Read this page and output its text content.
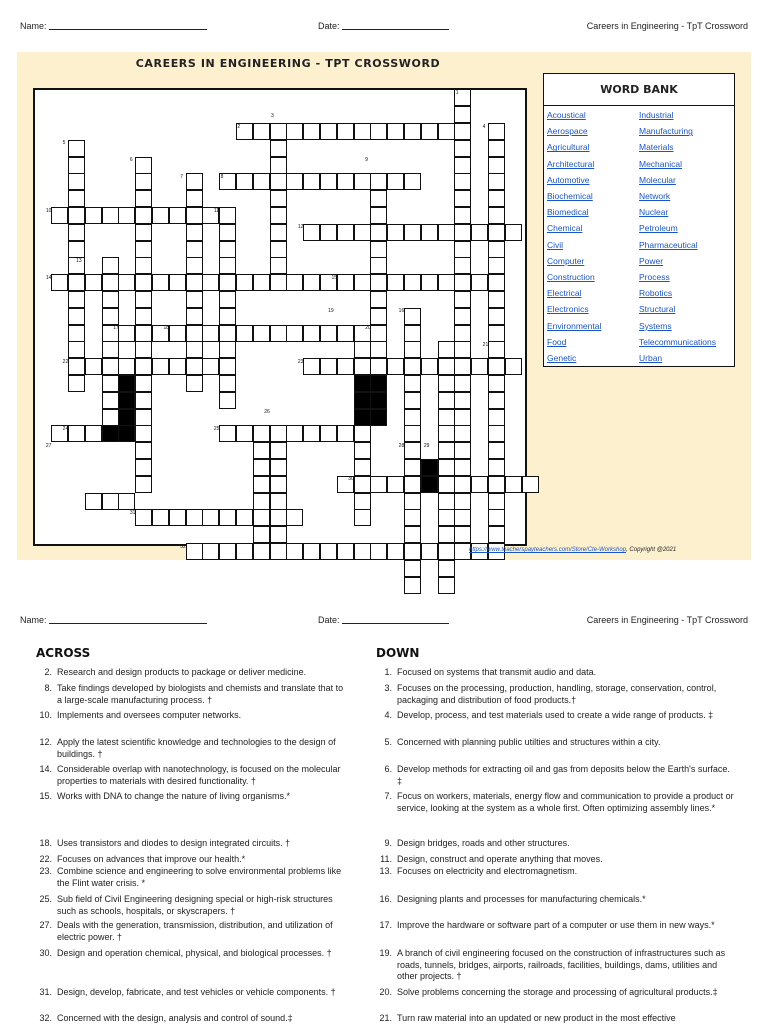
Name:	Date:	Careers in Engineering - TpT Crossword
CAREERS IN ENGINEERING - TPT CROSSWORD
1
2
3
4
5
6
7	8
9
10	11
12
13
14	15
16
17	18
19
20
21
22	23
24	25
26
27	28	29
30
31
32
WORD BANK
Acoustical
Aerospace
Agricultural
Architectural
Automotive
Biochemical
Biomedical
Chemical
Civil
Computer
Construction
Electrical
Electronics
Environmental
Food
Genetic
Industrial
Manufacturing
Materials
Mechanical
Molecular
Network
Nuclear
Petroleum
Pharmaceutical
Power
Process
Robotics
Structural
Systems
Telecommunications
Urban
https://www.teacherspayteachers.com/Store/Cte-Workshop, Copyright @2021
Name:	Date:	Careers in Engineering - TpT Crossword
ACROSS	DOWN
2. Research and design products to package or deliver medicine.
8. Take findings developed by biologists and chemists and translate that to a large-scale manufacturing process. †
10. Implements and oversees computer networks.
12. Apply the latest scientific knowledge and technologies to the design of buildings. †
14. Considerable overlap with nanotechnology, is focused on the molecular properties to materials with desired functionality. †
15. Works with DNA to change the nature of living organisms.*
18. Uses transistors and diodes to design integrated circuits. †
22. Focuses on advances that improve our health.*
23. Combine science and engineering to solve environmental problems like the Flint water crisis. *
25. Sub field of Civil Engineering designing special or high-risk structures such as schools, hospitals, or skyscrapers. †
27. Deals with the generation, transmission, distribution, and utilization of electric power. †
30. Design and operation chemical, physical, and biological processes. †
31. Design, develop, fabricate, and test vehicles or vehicle components. †
32. Concerned with the design, analysis and control of sound.‡
1. Focused on systems that transmit audio and data.
3. Focuses on the processing, production, handling, storage, conservation, control, packaging and distribution of food products.†
4. Develop, process, and test materials used to create a wide range of products. ‡
5. Concerned with planning public utilties and structures within a city.
6. Develop methods for extracting oil and gas from deposits below the Earth's surface. ‡
7. Focus on workers, materials, energy flow and communication to provide a product or service, looking at the system as a whole first. Often optimizing assembly lines.*
9. Design bridges, roads and other structures.
11. Design, construct and operate anything that moves.
13. Focuses on electricity and electromagnetism.
16. Designing plants and processes for manufacturing chemicals.*
17. Improve the hardware or software part of a computer or use them in new ways.*
19. A branch of civil engineering focused on the construction of infrastructures such as roads, tunnels, bridges, airports, railroads, facilities, buildings, dams, utilities and other projects. †
20. Solve problems concerning the storage and processing of agricultural products.‡
21. Turn raw material into an updated or new product in the most effective
